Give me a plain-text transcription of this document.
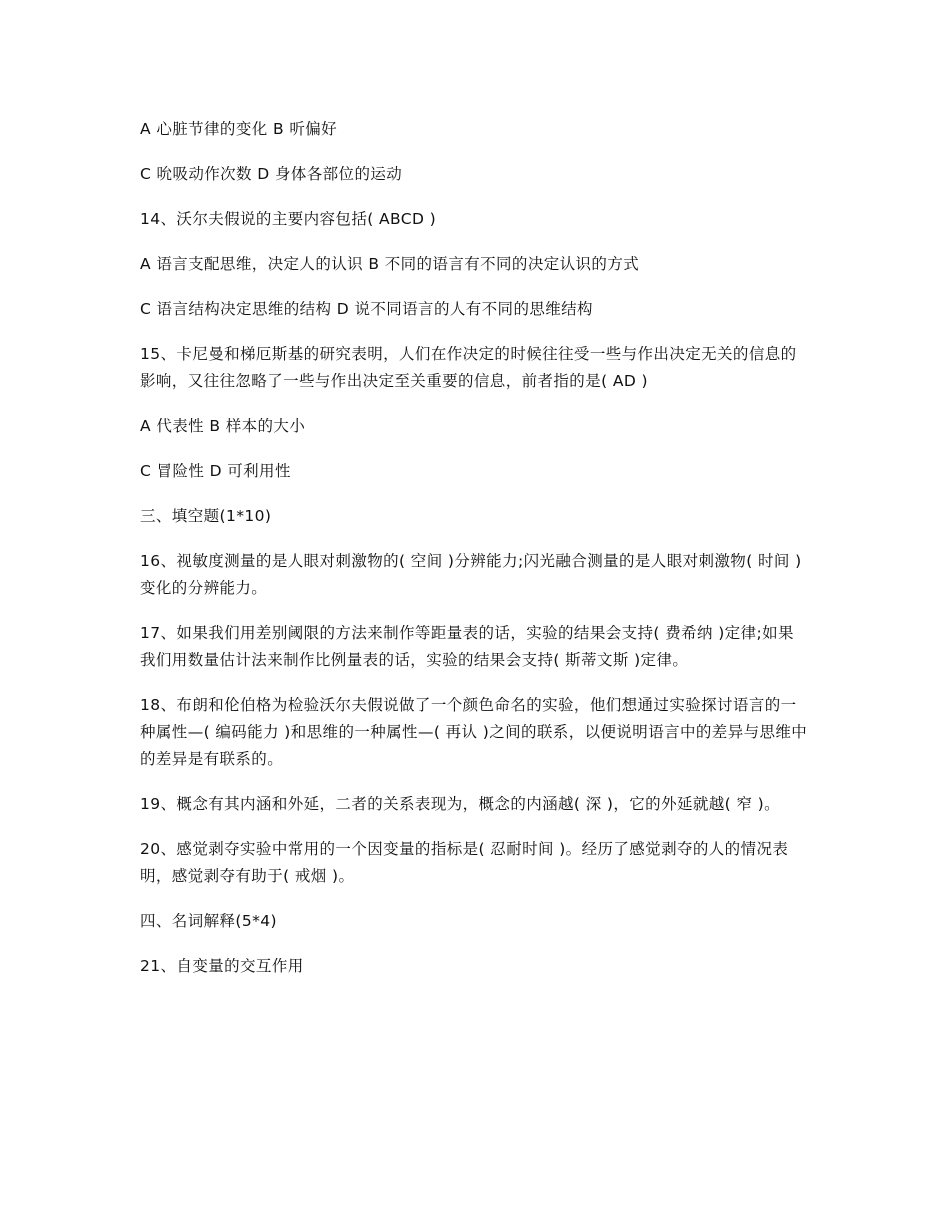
A 心脏节律的变化 B 听偏好

C 吮吸动作次数 D 身体各部位的运动

14、沃尔夫假说的主要内容包括( ABCD )

A 语言支配思维，决定人的认识 B 不同的语言有不同的决定认识的方式

C 语言结构决定思维的结构 D 说不同语言的人有不同的思维结构

15、卡尼曼和梯厄斯基的研究表明，人们在作决定的时候往往受一些与作出决定无关的信息的影响，又往往忽略了一些与作出决定至关重要的信息，前者指的是( AD )

A 代表性 B 样本的大小

C 冒险性 D 可利用性

三、填空题(1*10)

16、视敏度测量的是人眼对刺激物的( 空间 )分辨能力;闪光融合测量的是人眼对刺激物( 时间 )变化的分辨能力。

17、如果我们用差别阈限的方法来制作等距量表的话，实验的结果会支持( 费希纳 )定律;如果我们用数量估计法来制作比例量表的话，实验的结果会支持( 斯蒂文斯 )定律。

18、布朗和伦伯格为检验沃尔夫假说做了一个颜色命名的实验，他们想通过实验探讨语言的一种属性—( 编码能力 )和思维的一种属性—( 再认 )之间的联系，以便说明语言中的差异与思维中的差异是有联系的。

19、概念有其内涵和外延，二者的关系表现为，概念的内涵越( 深 )，它的外延就越( 窄 )。

20、感觉剥夺实验中常用的一个因变量的指标是( 忍耐时间 )。经历了感觉剥夺的人的情况表明，感觉剥夺有助于( 戒烟 )。

四、名词解释(5*4)

21、自变量的交互作用
